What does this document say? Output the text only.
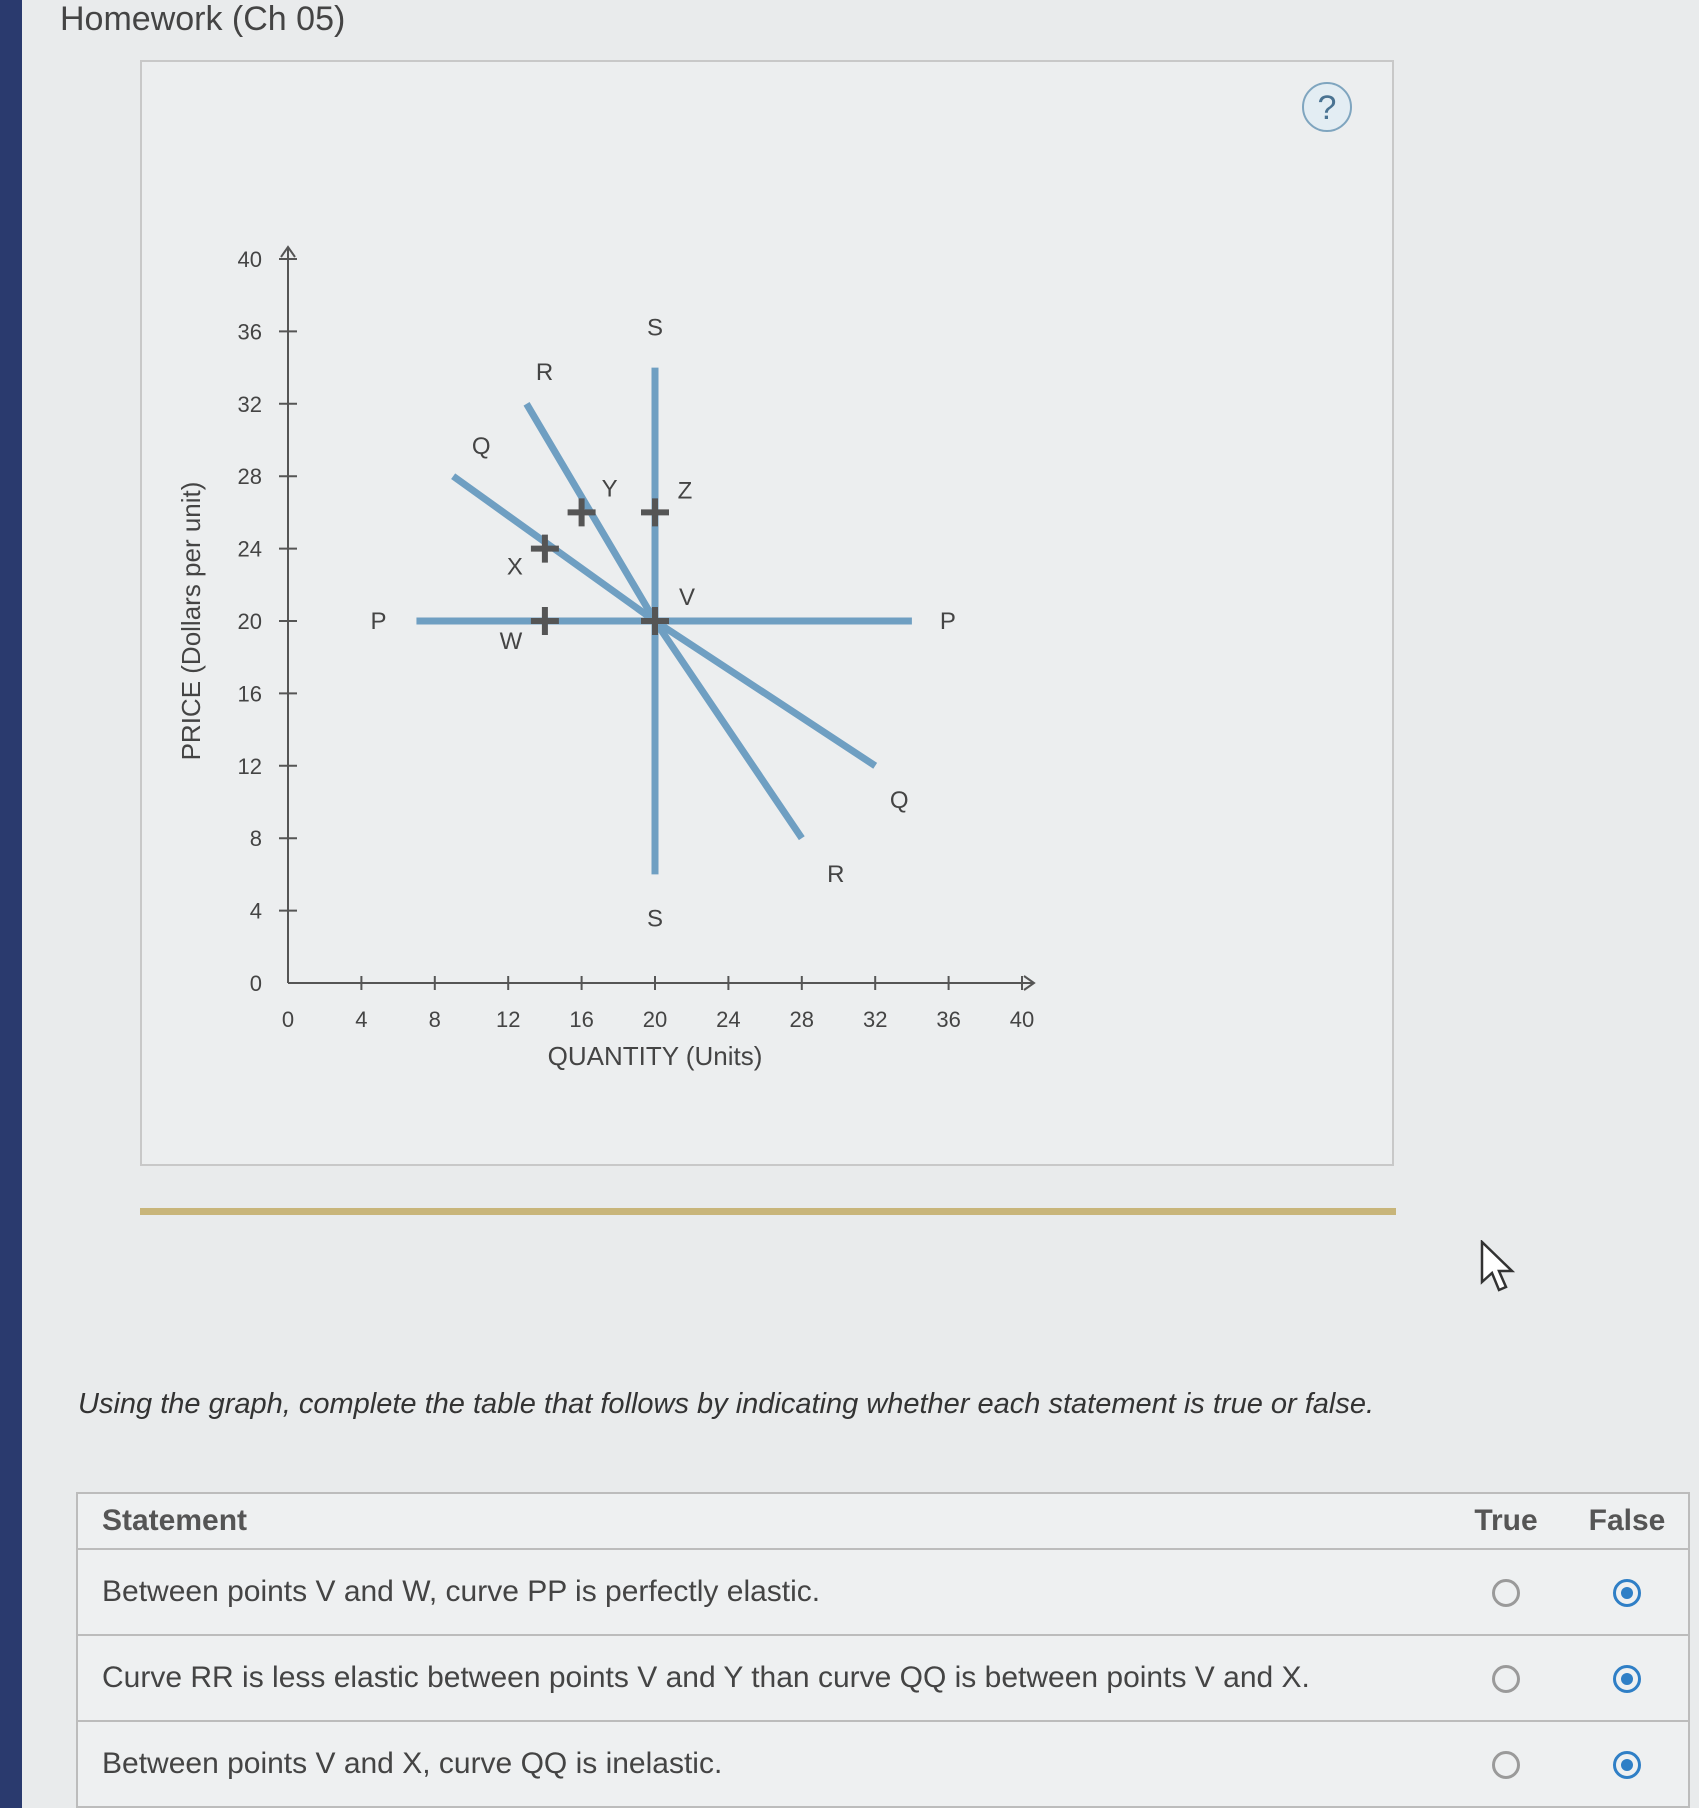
Homework (Ch 05)
?
0	4	8	12 16 20 24 28 32 36 40
0
4
8
12
16
20
24
28
32
36
40
QUANTITY (Units)
PRICE (Dollars per unit)	P	P
Q
Q
R
R
S
S
V
W
X
Y	Z
Using the graph, complete the table that follows by indicating whether each statement is true or false.
Statement	True	False
Between points V and W, curve PP is perfectly elastic.		
Curve RR is less elastic between points V and Y than curve QQ is between points V and X.		
Between points V and X, curve QQ is inelastic.		
